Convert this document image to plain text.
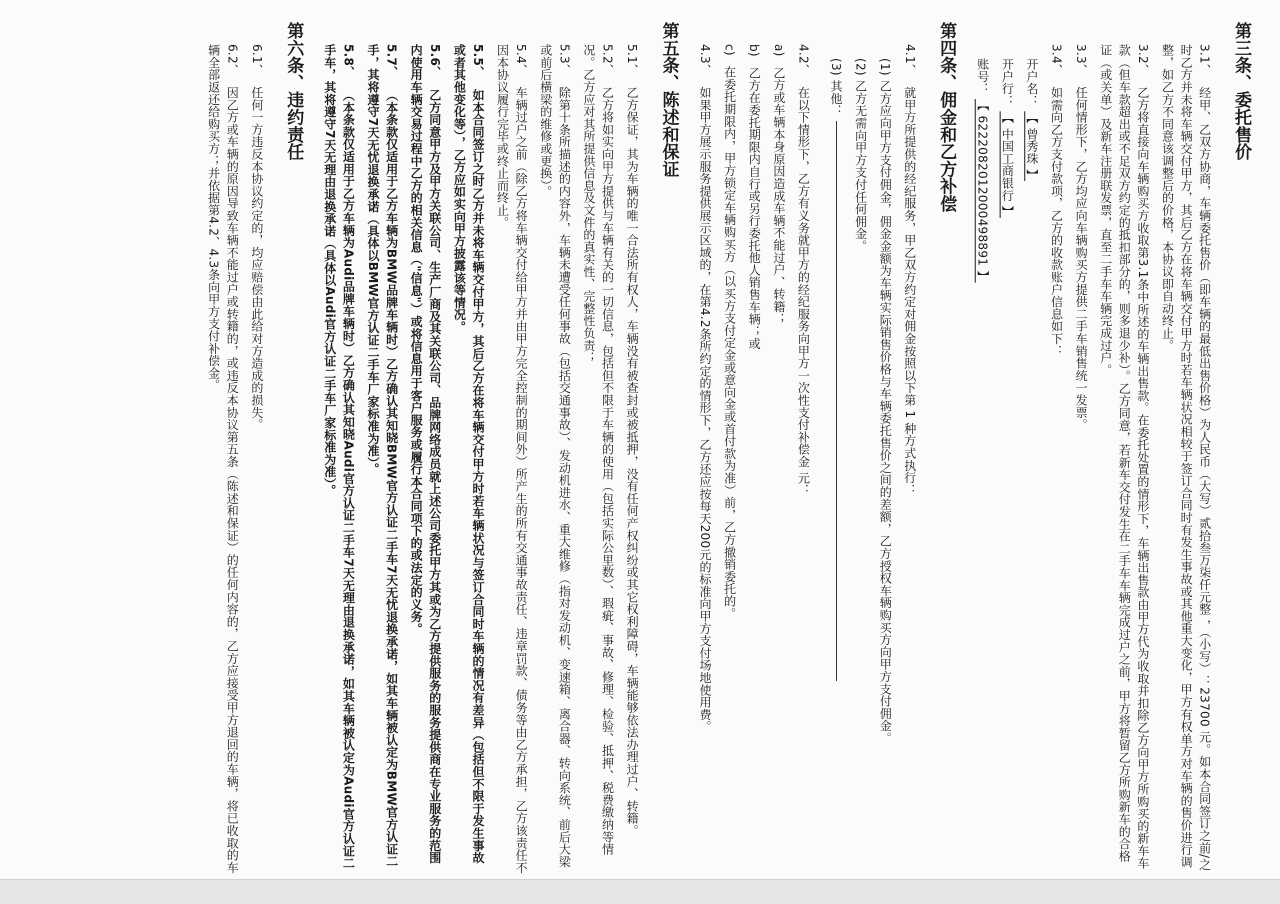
第三条、委托售价
3.1、 经甲、乙双方协商，车辆委托售价（即车辆的最低出售价格）为人民币（大写）贰拾叁万柒仟元整 ，（小写）：23700 元。如本合同签订之前/之时乙方并未将车辆交付甲方，其后乙方在将车辆交付甲方时若车辆状况相较于签订合同时有发生事故或其他重大变化，甲方有权单方对车辆的售价进行调整，如乙方不同意该调整后的价格，本协议即自动终止。
3.2、 乙方将直接向车辆购买方收取第3.1条中所述的车辆出售款。在委托处置的情形下，车辆出售款由甲方代为收取并扣除乙方向甲方所购买的新车车款（但车款超出或不足双方约定的抵扣部分的，则多退少补）。乙方同意，若新车交付发生在二手车车辆完成过户之前，甲方将暂留乙方所购新车的合格证（或关单）及新车注册联发票，直至二手车车辆完成过户。
3.3、 任何情形下，乙方均应向车辆购买方提供二手车销售统一发票。
3.4、 如需向乙方支付款项，乙方的收款账户信息如下：
开户名： 【 曾秀珠 】
开户行： 【 中国工商银行 】
账号： 【 6222082012000498891 】
第四条、佣金和乙方补偿
4.1、 就甲方所提供的经纪服务，甲乙双方约定对佣金按照以下第 1 种方式执行：
(1) 乙方应向甲方支付佣金，佣金金额为车辆实际销售价格与车辆委托售价之间的差额，乙方授权车辆购买方向甲方支付佣金。
(2) 乙方无需向甲方支付任何佣金。
(3) 其他：
4.2、 在以下情形下，乙方有义务就甲方的经纪服务向甲方一次性支付补偿金 元：
a) 乙方或车辆本身原因造成车辆不能过户、转籍；
b) 乙方在委托期限内自行或另行委托他人销售车辆；或
c) 在委托期限内，甲方锁定车辆购买方（以买方支付定金或意向金或首付款为准）前，乙方撤销委托的。
4.3、 如果甲方展示服务提供展示区域的，在第4.2条所约定的情形下，乙方还应按每天200元的标准向甲方支付场地使用费。
第五条、陈述和保证
5.1、 乙方保证，其为车辆的唯一合法所有权人，车辆没有被查封或被抵押，没有任何产权纠纷或其它权利障碍，车辆能够依法办理过户、转籍。
5.2、 乙方将如实向甲方提供与车辆有关的一切信息，包括但不限于车辆的使用（包括实际公里数）、瑕疵、事故、修理、检验、抵押、税费缴纳等情况。乙方应对其所提供信息及文件的真实性、完整性负责；
5.3、 除第十条所描述的内容外，车辆未遭受任何事故（包括交通事故）、发动机进水、重大维修（指对发动机、变速箱、离合器、转向系统、前后大梁或前后横梁的维修或更换）。
5.4、 车辆过户之前（除乙方将车辆交付给甲方并由甲方完全控制的期间外）所产生的所有交通事故责任、违章罚款、债务等由乙方承担，乙方该责任不因本协议履行完毕或终止而终止。
5.5、 如本合同签订之时乙方并未将车辆交付甲方，其后乙方在将车辆交付甲方时若车辆状况与签订合同时车辆的情况有差异（包括但不限于发生事故或者其他变化等），乙方应如实向甲方披露该等情况。
5.6、 乙方同意甲方及甲方关联公司、生产厂商及其关联公司、品牌网络成员就上述公司委托甲方其或为乙方提供服务的服务提供商在专业服务的范围内使用车辆交易过程中乙方的相关信息（"信息"）或将信息用于客户服务或履行本合同项下的或法定的义务。
5.7、 （本条款仅适用于乙方车辆为BMW品牌车辆时）乙方确认其知晓BMW官方认证二手车7天无忧退换承诺，如其车辆被认定为BMW官方认证二手，其将遵守7天无忧退换承诺（具体以BMW官方认证二手车厂家标准为准）。
5.8、 （本条款仅适用于乙方车辆为Audi品牌车辆时）乙方确认其知晓Audi官方认证二手车7天无理由退换承诺，如其车辆被认定为Audi官方认证二手车，其将遵守7天无理由退换承诺（具体以Audi官方认证二手车厂家标准为准）。
第六条、违约责任
6.1、 任何一方违反本协议约定的，均应赔偿由此给对方造成的损失。
6.2、 因乙方或车辆的原因导致车辆不能过户或转籍的，或违反本协议第五条（陈述和保证）的任何内容的，乙方应接受甲方退回的车辆，将已收取的车辆全部返还给购买方；并依据第4.2、4.3条向甲方支付补偿金。
